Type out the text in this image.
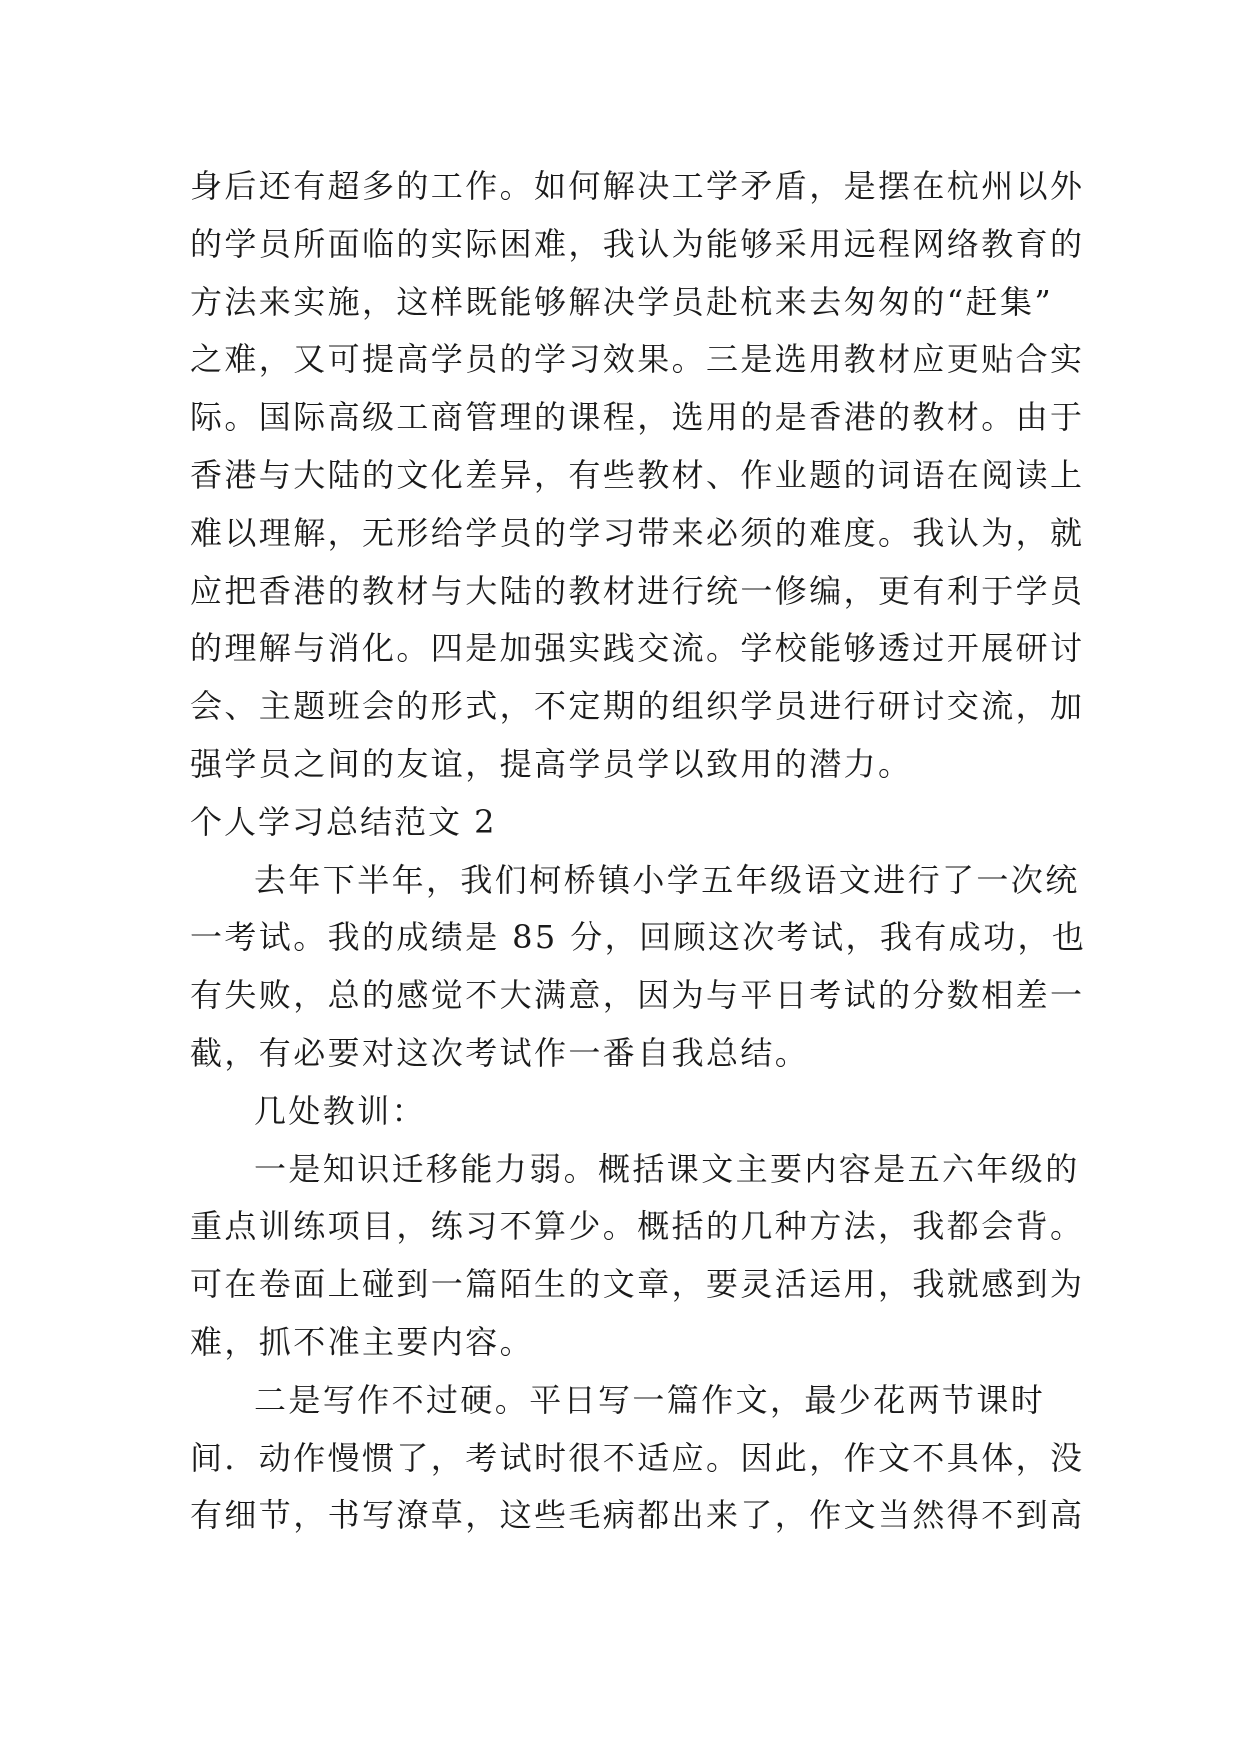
身后还有超多的工作。如何解决工学矛盾，是摆在杭州以外
的学员所面临的实际困难，我认为能够采用远程网络教育的
方法来实施，这样既能够解决学员赴杭来去匆匆的“赶集”
之难，又可提高学员的学习效果。三是选用教材应更贴合实
际。国际高级工商管理的课程，选用的是香港的教材。由于
香港与大陆的文化差异，有些教材、作业题的词语在阅读上
难以理解，无形给学员的学习带来必须的难度。我认为，就
应把香港的教材与大陆的教材进行统一修编，更有利于学员
的理解与消化。四是加强实践交流。学校能够透过开展研讨
会、主题班会的形式，不定期的组织学员进行研讨交流，加
强学员之间的友谊，提高学员学以致用的潜力。
个人学习总结范文 2
去年下半年，我们柯桥镇小学五年级语文进行了一次统
一考试。我的成绩是 85 分，回顾这次考试，我有成功，也
有失败，总的感觉不大满意，因为与平日考试的分数相差一
截，有必要对这次考试作一番自我总结。
几处教训：
一是知识迁移能力弱。概括课文主要内容是五六年级的
重点训练项目，练习不算少。概括的几种方法，我都会背。
可在卷面上碰到一篇陌生的文章，要灵活运用，我就感到为
难，抓不准主要内容。
二是写作不过硬。平日写一篇作文，最少花两节课时
间．动作慢惯了，考试时很不适应。因此，作文不具体，没
有细节，书写潦草，这些毛病都出来了，作文当然得不到高
